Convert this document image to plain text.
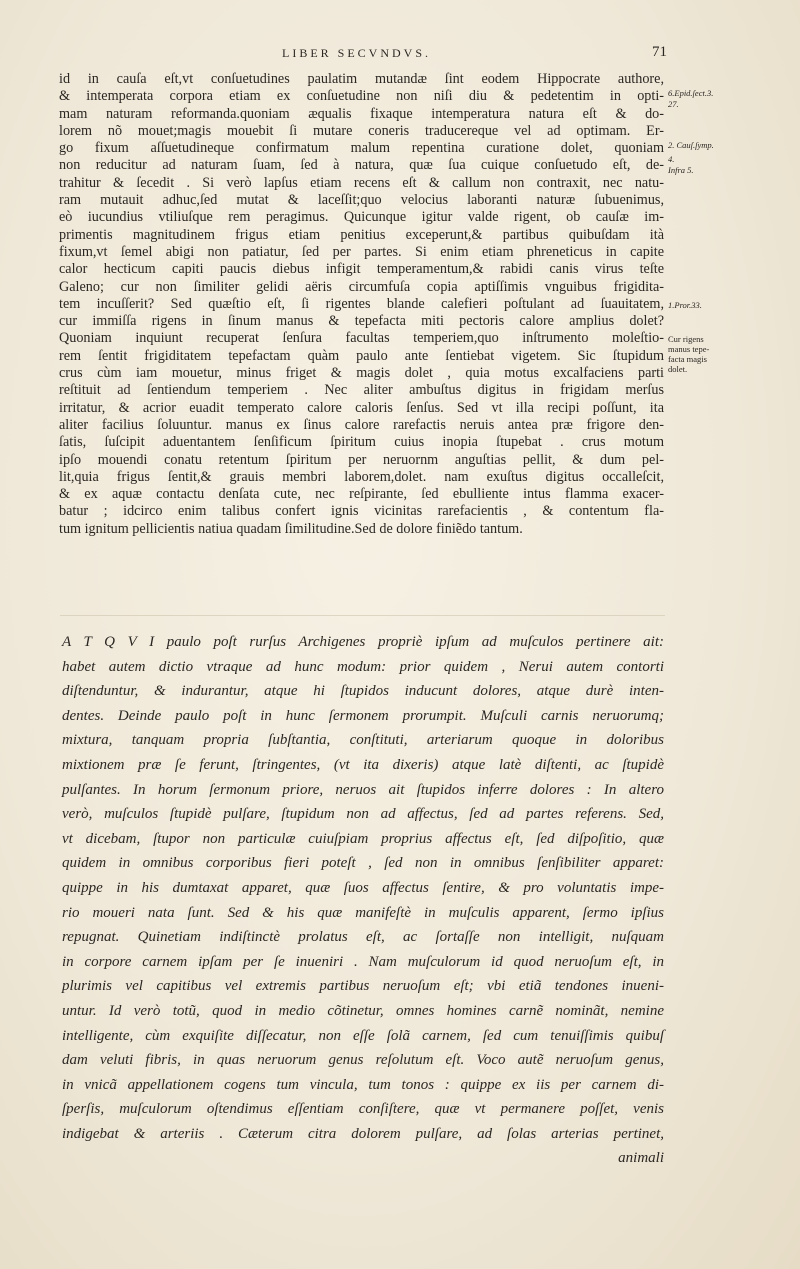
LIBER SECVNDVS.	71
id in cauſa eſt,vt conſuetudines paulatim mutandæ ſint eodem Hippocrate authore,
& intemperata corpora etiam ex conſuetudine non niſi diu & pedetentim in opti-
mam naturam reformanda.quoniam æqualis fixaque intemperatura natura eſt & do-
lorem nõ mouet;magis mouebit ſi mutare coneris traducereque vel ad optimam. Er-
go fixum aſſuetudineque confirmatum malum repentina curatione dolet, quoniam
non reducitur ad naturam ſuam, ſed à natura, quæ ſua cuique conſuetudo eſt, de-
trahitur & ſecedit . Si verò lapſus etiam recens eſt & callum non contraxit, nec natu-
ram mutauit adhuc,ſed mutat & laceſſit;quo velocius laboranti naturæ ſubuenimus,
eò iucundius vtiliuſque rem peragimus. Quicunque igitur valde rigent, ob cauſæ im-
primentis magnitudinem frigus etiam penitius exceperunt,& partibus quibuſdam ità
fixum,vt ſemel abigi non patiatur, ſed per partes. Si enim etiam phreneticus in capite
calor hecticum capiti paucis diebus infigit temperamentum,& rabidi canis virus teſte
Galeno; cur non ſimiliter gelidi aëris circumfuſa copia aptiſſimis vnguibus frigidita-
tem incuſſerit? Sed quæſtio eſt, ſi rigentes blande calefieri poſtulant ad ſuauitatem,
cur immiſſa rigens in ſinum manus & tepefacta miti pectoris calore amplius dolet?
Quoniam inquiunt recuperat ſenſura facultas temperiem,quo inſtrumento moleſtio-
rem ſentit frigiditatem tepefactam quàm paulo ante ſentiebat vigetem. Sic ſtupidum
crus cùm iam mouetur, minus friget & magis dolet , quia motus excalfaciens parti
reſtituit ad ſentiendum temperiem . Nec aliter ambuſtus digitus in frigidam merſus
irritatur, & acrior euadit temperato calore caloris ſenſus. Sed vt illa recipi poſſunt, ita
aliter facilius ſoluuntur. manus ex ſinus calore rarefactis neruis antea præ frigore den-
ſatis, ſuſcipit aduentantem ſenſificum ſpiritum cuius inopia ſtupebat . crus motum
ipſo mouendi conatu retentum ſpiritum per neruornm anguſtias pellit, & dum pel-
lit,quia frigus ſentit,& grauis membri laborem,dolet. nam exuſtus digitus occalleſcit,
& ex aquæ contactu denſata cute, nec reſpirante, ſed ebulliente intus flamma exacer-
batur ; idcirco enim talibus confert ignis vicinitas rarefacientis , & contentum fla-
tum ignitum pellicientis natiua quadam ſimilitudine.Sed de dolore finiẽdo tantum.
6.Epid.ſect.3.
27.
2. Cauſ.ſymp.
4.
Infra 5.
1.Pror.33.
Cur rigens
manus tepe-
facta magis
dolet.
A T Q V I paulo poſt rurſus Archigenes propriè ipſum ad muſculos pertinere ait:
habet autem dictio vtraque ad hunc modum: prior quidem , Nerui autem contorti
diſtenduntur, & indurantur, atque hi ſtupidos inducunt dolores, atque durè inten-
dentes. Deinde paulo poſt in hunc ſermonem prorumpit. Muſculi carnis neruorumq;
mixtura, tanquam propria ſubſtantia, conſtituti, arteriarum quoque in doloribus
mixtionem præ ſe ferunt, ſtringentes, (vt ita dixeris) atque latè diſtenti, ac ſtupidè
pulſantes. In horum ſermonum priore, neruos ait ſtupidos inferre dolores : In altero
verò, muſculos ſtupidè pulſare, ſtupidum non ad affectus, ſed ad partes referens. Sed,
vt dicebam, ſtupor non particulæ cuiuſpiam proprius affectus eſt, ſed diſpoſitio, quæ
quidem in omnibus corporibus fieri poteſt , ſed non in omnibus ſenſibiliter apparet:
quippe in his dumtaxat apparet, quæ ſuos affectus ſentire, & pro voluntatis impe-
rio moueri nata ſunt. Sed & his quæ manifeſtè in muſculis apparent, ſermo ipſius
repugnat. Quinetiam indiſtinctè prolatus eſt, ac ſortaſſe non intelligit, nuſquam
in corpore carnem ipſam per ſe inueniri . Nam muſculorum id quod neruoſum eſt, in
plurimis vel capitibus vel extremis partibus neruoſum eſt; vbi etiã tendones inueni-
untur. Id verò totũ, quod in medio cõtinetur, omnes homines carnẽ nominãt, nemine
intelligente, cùm exquiſite diſſecatur, non eſſe ſolã carnem, ſed cum tenuiſſimis quibuſ
dam veluti fibris, in quas neruorum genus reſolutum eſt. Voco autẽ neruoſum genus,
in vnicã appellationem cogens tum vincula, tum tonos : quippe ex iis per carnem di-
ſperſis, muſculorum oſtendimus eſſentiam conſiſtere, quæ vt permanere poſſet, venis
indigebat & arteriis . Cæterum citra dolorem pulſare, ad ſolas arterias pertinet,
animali
